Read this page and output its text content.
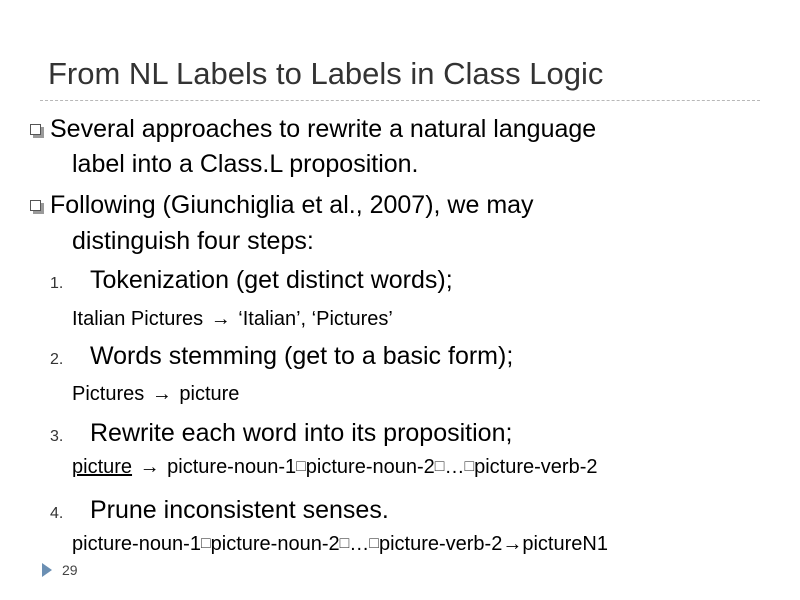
From NL Labels to Labels in Class Logic
Several approaches to rewrite a natural language
label into a Class.L proposition.
Following (Giunchiglia et al., 2007), we may
distinguish four steps:
1. Tokenization (get distinct words);
Italian Pictures → ‘Italian’, ‘Pictures’
2. Words stemming (get to a basic form);
Pictures → picture
3. Rewrite each word into its proposition;
picture → picture-noun-1□picture-noun-2□…□picture-verb-2
4. Prune inconsistent senses.
picture-noun-1□picture-noun-2□…□picture-verb-2→pictureN1
29
